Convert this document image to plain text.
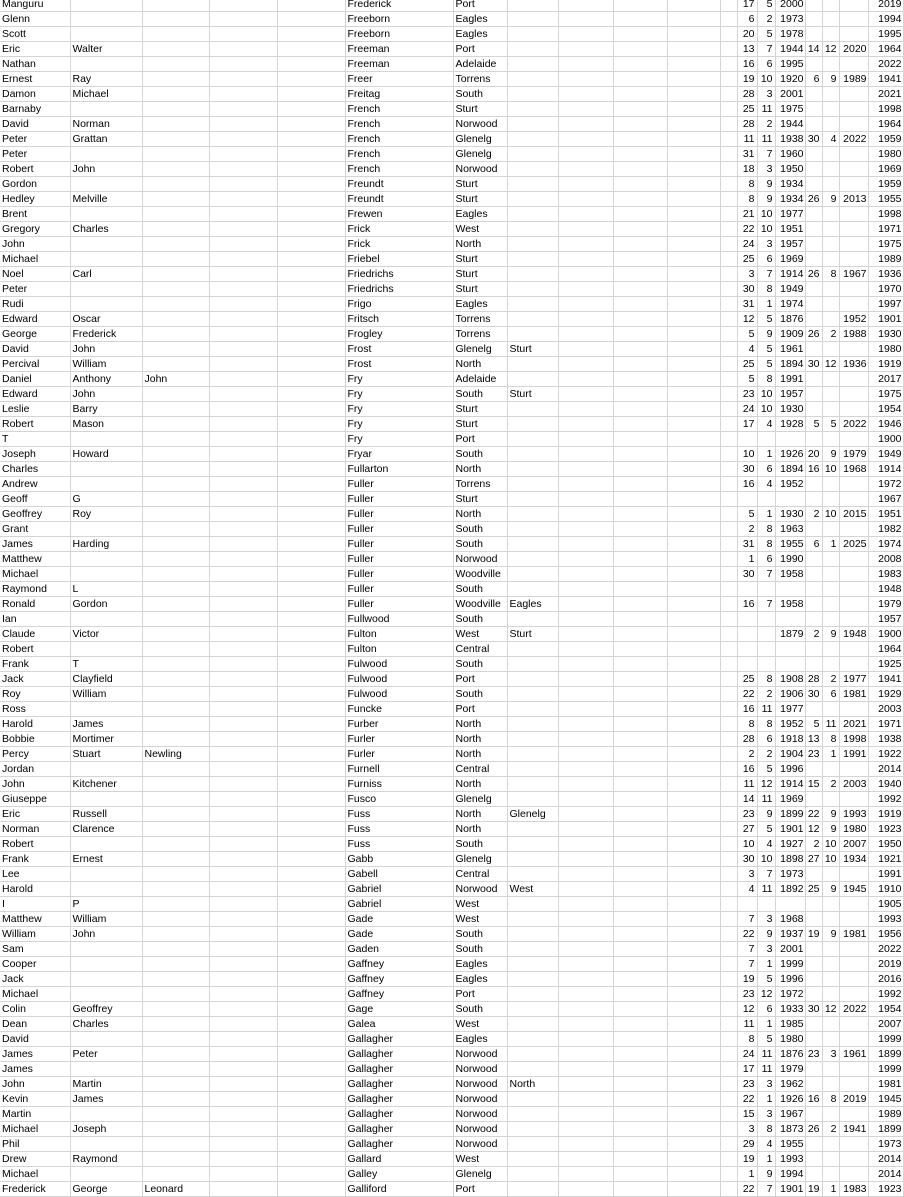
Manguru					Frederick	Port						17	5	2000				2019
Glenn					Freeborn	Eagles						6	2	1973				1994
Scott					Freeborn	Eagles						20	5	1978				1995
Eric	Walter				Freeman	Port						13	7	1944	14	12	2020	1964
Nathan					Freeman	Adelaide						16	6	1995				2022
Ernest	Ray				Freer	Torrens						19	10	1920	6	9	1989	1941
Damon	Michael				Freitag	South						28	3	2001				2021
Barnaby					French	Sturt						25	11	1975				1998
David	Norman				French	Norwood						28	2	1944				1964
Peter	Grattan				French	Glenelg						11	11	1938	30	4	2022	1959
Peter					French	Glenelg						31	7	1960				1980
Robert	John				French	Norwood						18	3	1950				1969
Gordon					Freundt	Sturt						8	9	1934				1959
Hedley	Melville				Freundt	Sturt						8	9	1934	26	9	2013	1955
Brent					Frewen	Eagles						21	10	1977				1998
Gregory	Charles				Frick	West						22	10	1951				1971
John					Frick	North						24	3	1957				1975
Michael					Friebel	Sturt						25	6	1969				1989
Noel	Carl				Friedrichs	Sturt						3	7	1914	26	8	1967	1936
Peter					Friedrichs	Sturt						30	8	1949				1970
Rudi					Frigo	Eagles						31	1	1974				1997
Edward	Oscar				Fritsch	Torrens						12	5	1876			1952	1901
George	Frederick				Frogley	Torrens						5	9	1909	26	2	1988	1930
David	John				Frost	Glenelg	Sturt					4	5	1961				1980
Percival	William				Frost	North						25	5	1894	30	12	1936	1919
Daniel	Anthony	John			Fry	Adelaide						5	8	1991				2017
Edward	John				Fry	South	Sturt					23	10	1957				1975
Leslie	Barry				Fry	Sturt						24	10	1930				1954
Robert	Mason				Fry	Sturt						17	4	1928	5	5	2022	1946
T					Fry	Port												1900
Joseph	Howard				Fryar	South						10	1	1926	20	9	1979	1949
Charles					Fullarton	North						30	6	1894	16	10	1968	1914
Andrew					Fuller	Torrens						16	4	1952				1972
Geoff	G				Fuller	Sturt												1967
Geoffrey	Roy				Fuller	North						5	1	1930	2	10	2015	1951
Grant					Fuller	South						2	8	1963				1982
James	Harding				Fuller	South						31	8	1955	6	1	2025	1974
Matthew					Fuller	Norwood						1	6	1990				2008
Michael					Fuller	Woodville						30	7	1958				1983
Raymond	L				Fuller	South												1948
Ronald	Gordon				Fuller	Woodville	Eagles					16	7	1958				1979
Ian					Fullwood	South												1957
Claude	Victor				Fulton	West	Sturt							1879	2	9	1948	1900
Robert					Fulton	Central												1964
Frank	T				Fulwood	South												1925
Jack	Clayfield				Fulwood	Port						25	8	1908	28	2	1977	1941
Roy	William				Fulwood	South						22	2	1906	30	6	1981	1929
Ross					Funcke	Port						16	11	1977				2003
Harold	James				Furber	North						8	8	1952	5	11	2021	1971
Bobbie	Mortimer				Furler	North						28	6	1918	13	8	1998	1938
Percy	Stuart	Newling			Furler	North						2	2	1904	23	1	1991	1922
Jordan					Furnell	Central						16	5	1996				2014
John	Kitchener				Furniss	North						11	12	1914	15	2	2003	1940
Giuseppe					Fusco	Glenelg						14	11	1969				1992
Eric	Russell				Fuss	North	Glenelg					23	9	1899	22	9	1993	1919
Norman	Clarence				Fuss	North						27	5	1901	12	9	1980	1923
Robert					Fuss	South						10	4	1927	2	10	2007	1950
Frank	Ernest				Gabb	Glenelg						30	10	1898	27	10	1934	1921
Lee					Gabell	Central						3	7	1973				1991
Harold					Gabriel	Norwood	West					4	11	1892	25	9	1945	1910
I	P				Gabriel	West												1905
Matthew	William				Gade	West						7	3	1968				1993
William	John				Gade	South						22	9	1937	19	9	1981	1956
Sam					Gaden	South						7	3	2001				2022
Cooper					Gaffney	Eagles						7	1	1999				2019
Jack					Gaffney	Eagles						19	5	1996				2016
Michael					Gaffney	Port						23	12	1972				1992
Colin	Geoffrey				Gage	South						12	6	1933	30	12	2022	1954
Dean	Charles				Galea	West						11	1	1985				2007
David					Gallagher	Eagles						8	5	1980				1999
James	Peter				Gallagher	Norwood						24	11	1876	23	3	1961	1899
James					Gallagher	Norwood						17	11	1979				1999
John	Martin				Gallagher	Norwood	North					23	3	1962				1981
Kevin	James				Gallagher	Norwood						22	1	1926	16	8	2019	1945
Martin					Gallagher	Norwood						15	3	1967				1989
Michael	Joseph				Gallagher	Norwood						3	8	1873	26	2	1941	1899
Phil					Gallagher	Norwood						29	4	1955				1973
Drew	Raymond				Gallard	West						19	1	1993				2014
Michael					Galley	Glenelg						1	9	1994				2014
Frederick	George	Leonard			Galliford	Port						22	7	1901	19	1	1983	1923
